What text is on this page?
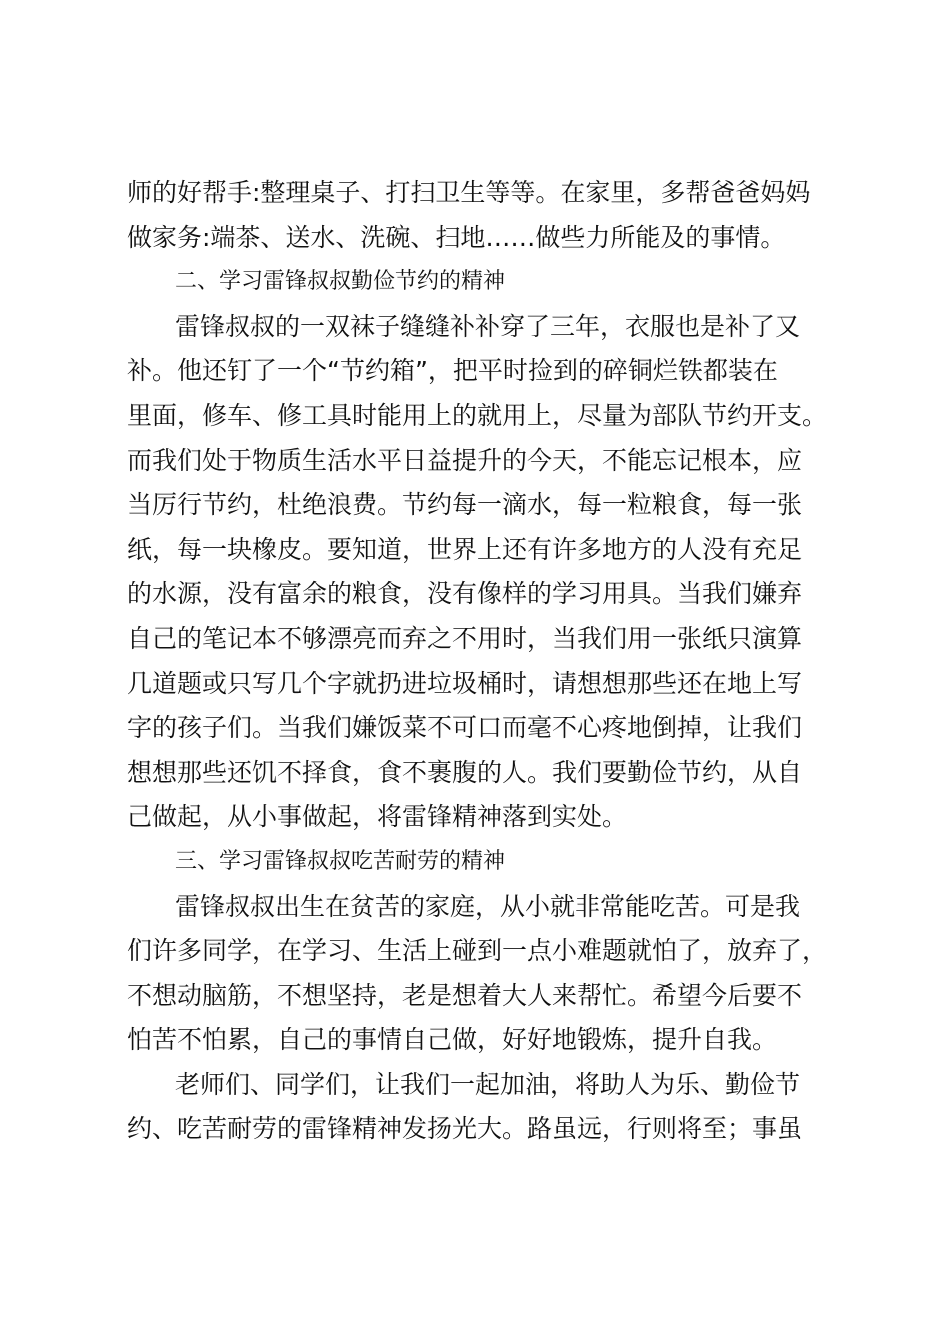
师的好帮手:整理桌子、打扫卫生等等。在家里，多帮爸爸妈妈
做家务:端茶、送水、洗碗、扫地……做些力所能及的事情。
二、学习雷锋叔叔勤俭节约的精神
雷锋叔叔的一双袜子缝缝补补穿了三年，衣服也是补了又
补。他还钉了一个“节约箱”，把平时捡到的碎铜烂铁都装在
里面，修车、修工具时能用上的就用上，尽量为部队节约开支。
而我们处于物质生活水平日益提升的今天，不能忘记根本，应
当厉行节约，杜绝浪费。节约每一滴水，每一粒粮食，每一张
纸，每一块橡皮。要知道，世界上还有许多地方的人没有充足
的水源，没有富余的粮食，没有像样的学习用具。当我们嫌弃
自己的笔记本不够漂亮而弃之不用时，当我们用一张纸只演算
几道题或只写几个字就扔进垃圾桶时，请想想那些还在地上写
字的孩子们。当我们嫌饭菜不可口而毫不心疼地倒掉，让我们
想想那些还饥不择食，食不裹腹的人。我们要勤俭节约，从自
己做起，从小事做起，将雷锋精神落到实处。
三、学习雷锋叔叔吃苦耐劳的精神
雷锋叔叔出生在贫苦的家庭，从小就非常能吃苦。可是我
们许多同学，在学习、生活上碰到一点小难题就怕了，放弃了，
不想动脑筋，不想坚持，老是想着大人来帮忙。希望今后要不
怕苦不怕累，自己的事情自己做，好好地锻炼，提升自我。
老师们、同学们，让我们一起加油，将助人为乐、勤俭节
约、吃苦耐劳的雷锋精神发扬光大。路虽远，行则将至；事虽
